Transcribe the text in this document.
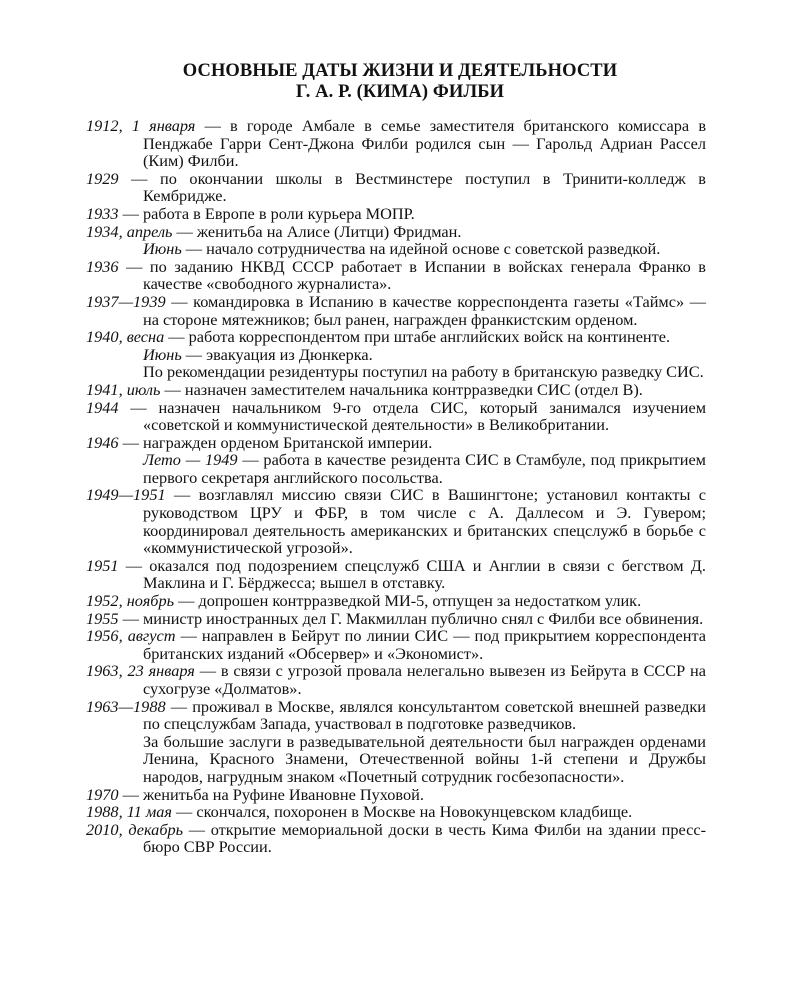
ОСНОВНЫЕ ДАТЫ ЖИЗНИ И ДЕЯТЕЛЬНОСТИ
Г. А. Р. (КИМА) ФИЛБИ
1912, 1 января — в городе Амбале в семье заместителя британского комиссара в Пенджабе Гарри Сент-Джона Филби родился сын — Гарольд Адриан Рассел (Ким) Филби.
1929 — по окончании школы в Вестминстере поступил в Тринити-колледж в Кембридже.
1933 — работа в Европе в роли курьера МОПР.
1934, апрель — женитьба на Алисе (Литци) Фридман.
Июнь — начало сотрудничества на идейной основе с советской разведкой.
1936 — по заданию НКВД СССР работает в Испании в войсках генерала Франко в качестве «свободного журналиста».
1937—1939 — командировка в Испанию в качестве корреспондента газеты «Таймс» — на стороне мятежников; был ранен, награжден франкистским орденом.
1940, весна — работа корреспондентом при штабе английских войск на континенте.
Июнь — эвакуация из Дюнкерка.
По рекомендации резидентуры поступил на работу в британскую разведку СИС.
1941, июль — назначен заместителем начальника контрразведки СИС (отдел В).
1944 — назначен начальником 9-го отдела СИС, который занимался изучением «советской и коммунистической деятельности» в Великобритании.
1946 — награжден орденом Британской империи.
Лето — 1949 — работа в качестве резидента СИС в Стамбуле, под прикрытием первого секретаря английского посольства.
1949—1951 — возглавлял миссию связи СИС в Вашингтоне; установил контакты с руководством ЦРУ и ФБР, в том числе с А. Даллесом и Э. Гувером; координировал деятельность американских и британских спецслужб в борьбе с «коммунистической угрозой».
1951 — оказался под подозрением спецслужб США и Англии в связи с бегством Д. Маклина и Г. Бёрджесса; вышел в отставку.
1952, ноябрь — допрошен контрразведкой МИ-5, отпущен за недостатком улик.
1955 — министр иностранных дел Г. Макмиллан публично снял с Филби все обвинения.
1956, август — направлен в Бейрут по линии СИС — под прикрытием корреспондента британских изданий «Обсервер» и «Экономист».
1963, 23 января — в связи с угрозой провала нелегально вывезен из Бейрута в СССР на сухогрузе «Долматов».
1963—1988 — проживал в Москве, являлся консультантом советской внешней разведки по спецслужбам Запада, участвовал в подготовке разведчиков.
За большие заслуги в разведывательной деятельности был награжден орденами Ленина, Красного Знамени, Отечественной войны 1-й степени и Дружбы народов, нагрудным знаком «Почетный сотрудник госбезопасности».
1970 — женитьба на Руфине Ивановне Пуховой.
1988, 11 мая — скончался, похоронен в Москве на Новокунцевском кладбище.
2010, декабрь — открытие мемориальной доски в честь Кима Филби на здании пресс-бюро СВР России.
